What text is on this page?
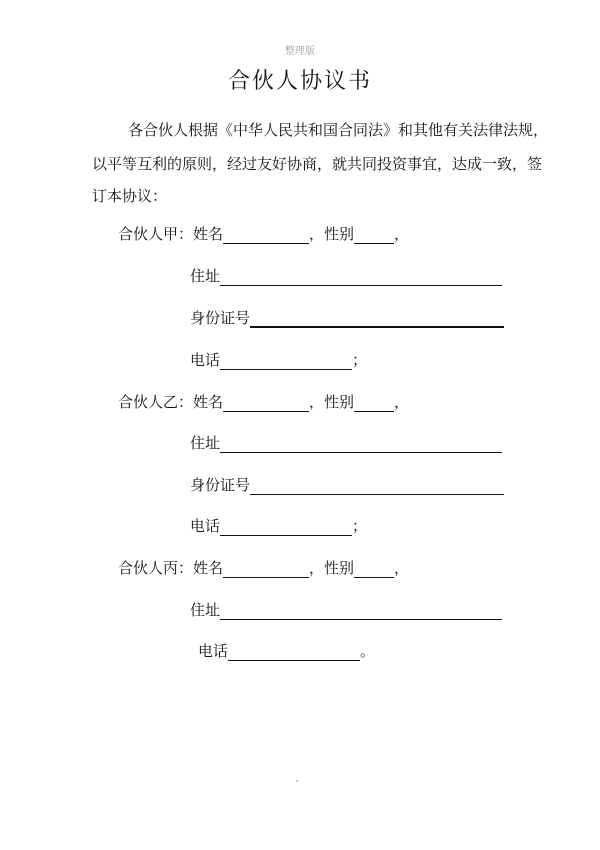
整理版
合伙人协议书
各合伙人根据《中华人民共和国合同法》和其他有关法律法规，
以平等互利的原则，经过友好协商，就共同投资事宜，达成一致，签
订本协议：
合伙人甲： 姓名	，性别	，
住址
身份证号
电话	；
合伙人乙： 姓名	，性别	，
住址
身份证号
电话	；
合伙人丙： 姓名	，性别	，
住址
电话	。
